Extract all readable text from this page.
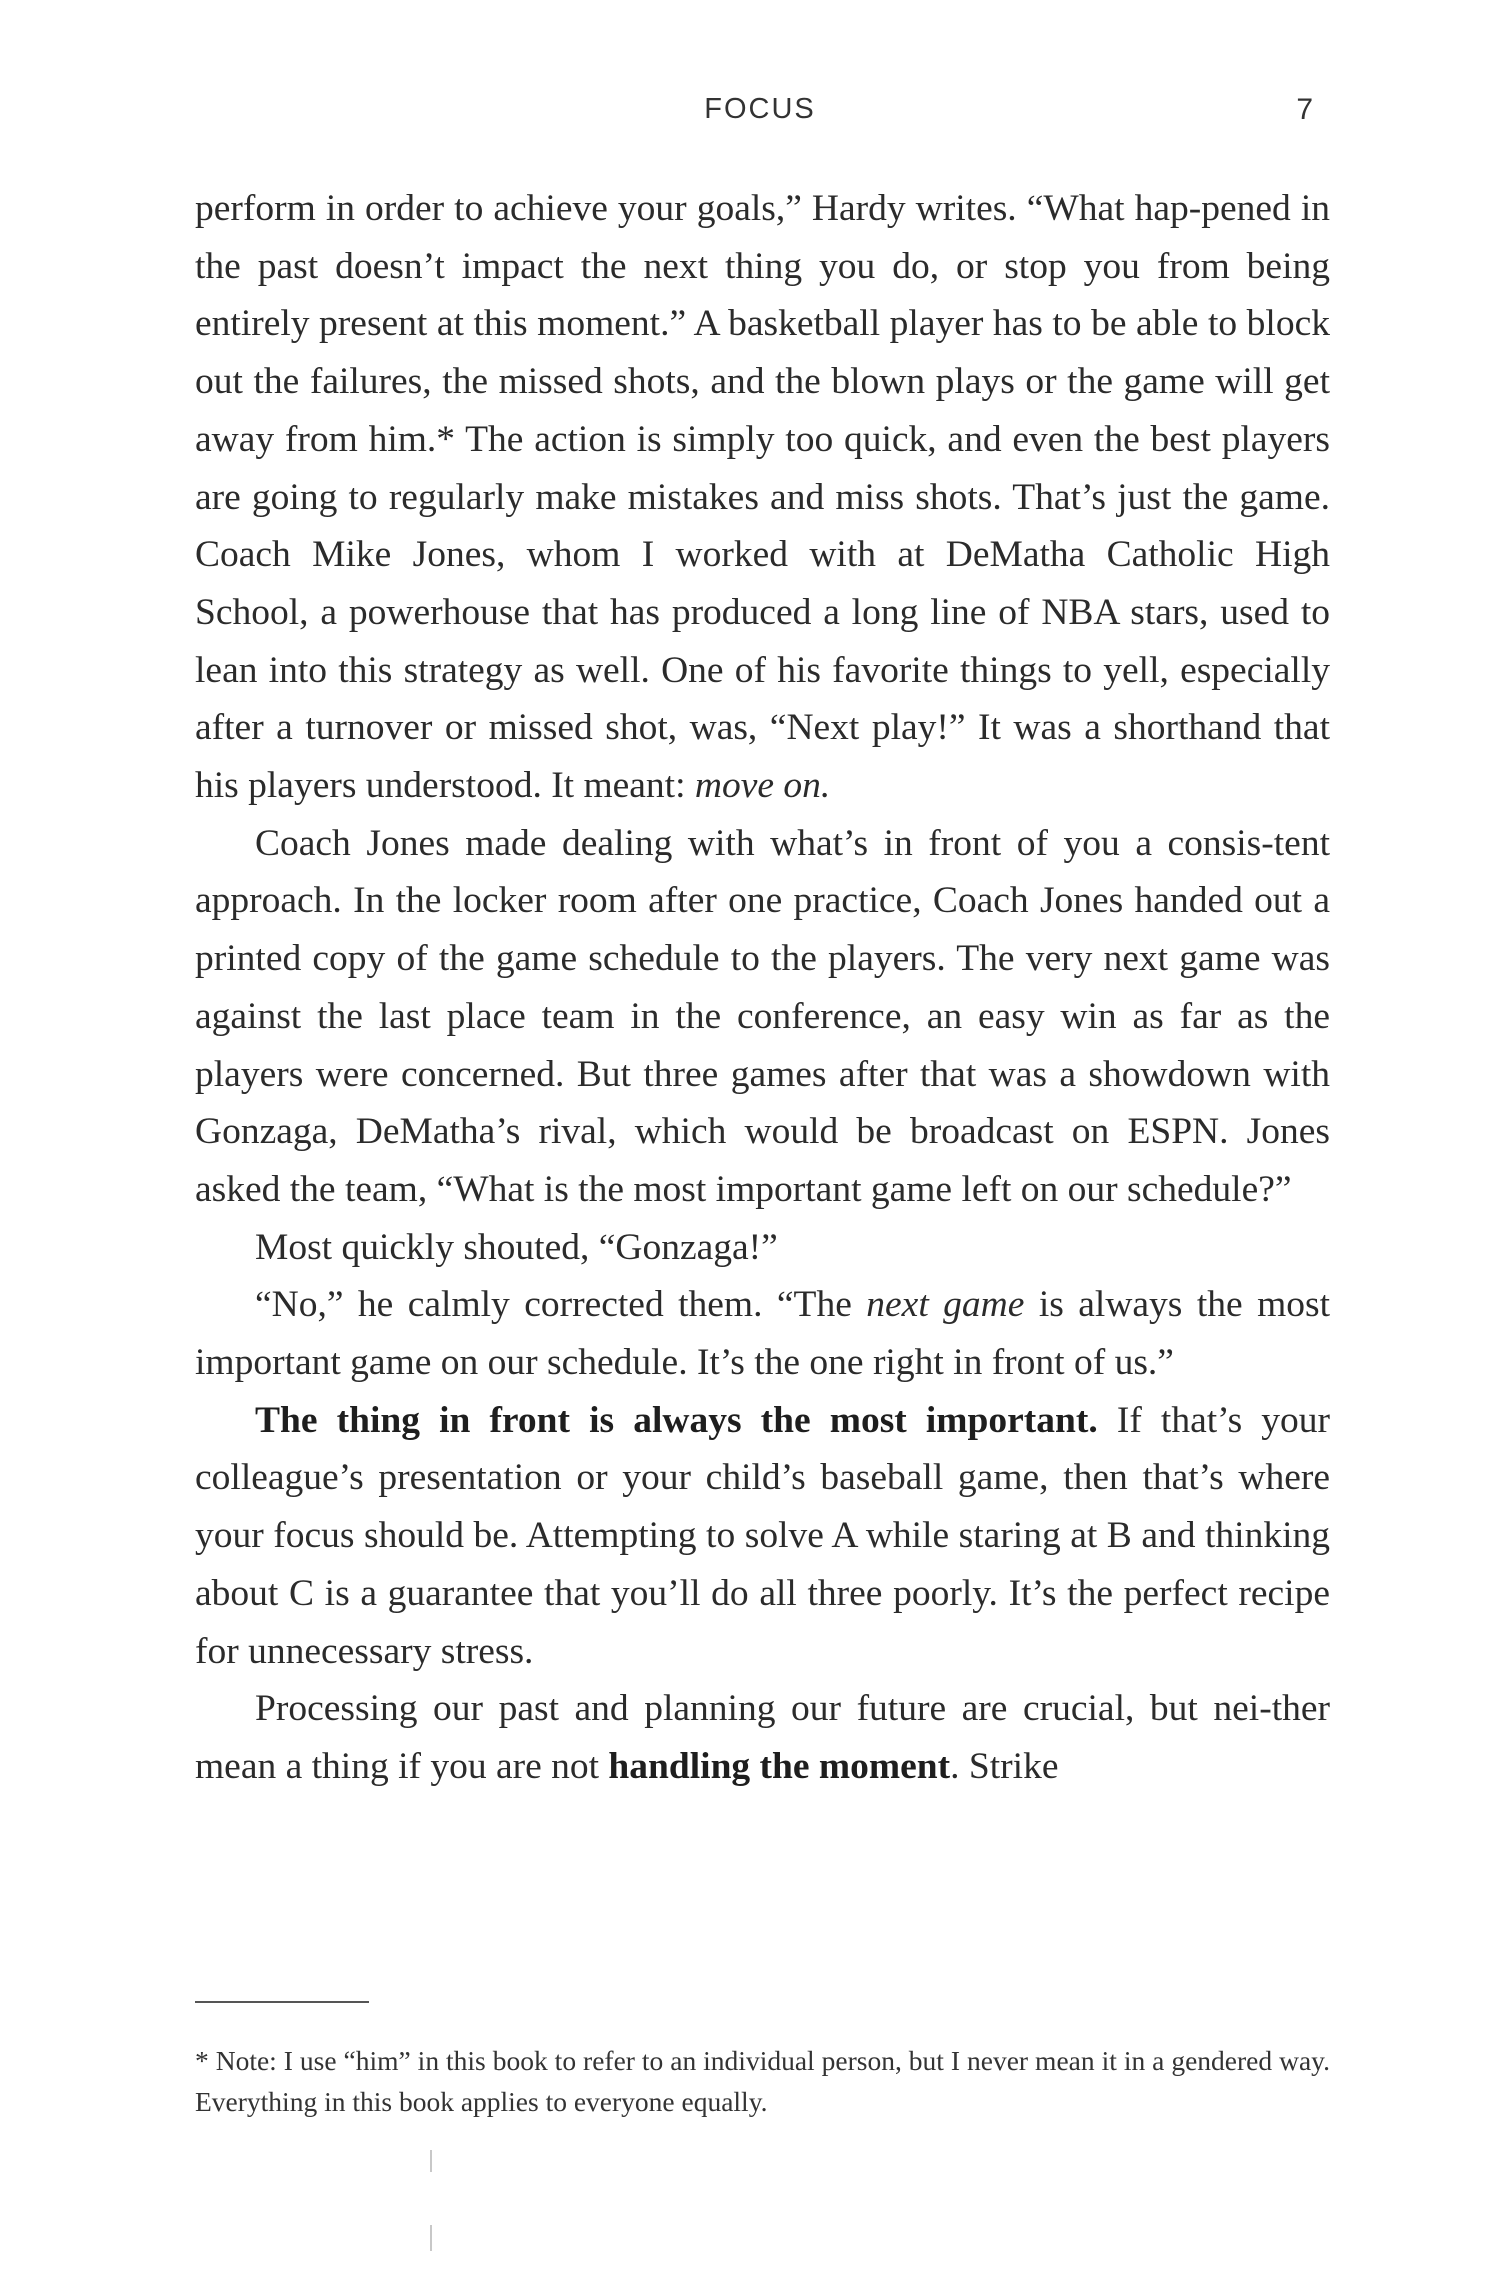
FOCUS	7

perform in order to achieve your goals,” Hardy writes. “What hap-pened in the past doesn’t impact the next thing you do, or stop you from being entirely present at this moment.” A basketball player has to be able to block out the failures, the missed shots, and the blown plays or the game will get away from him.* The action is simply too quick, and even the best players are going to regularly make mistakes and miss shots. That’s just the game. Coach Mike Jones, whom I worked with at DeMatha Catholic High School, a powerhouse that has produced a long line of NBA stars, used to lean into this strategy as well. One of his favorite things to yell, especially after a turnover or missed shot, was, “Next play!” It was a shorthand that his players understood. It meant: move on.

Coach Jones made dealing with what’s in front of you a consis-tent approach. In the locker room after one practice, Coach Jones handed out a printed copy of the game schedule to the players. The very next game was against the last place team in the conference, an easy win as far as the players were concerned. But three games after that was a showdown with Gonzaga, DeMatha’s rival, which would be broadcast on ESPN. Jones asked the team, “What is the most important game left on our schedule?”

Most quickly shouted, “Gonzaga!”

“No,” he calmly corrected them. “The next game is always the most important game on our schedule. It’s the one right in front of us.”

The thing in front is always the most important. If that’s your colleague’s presentation or your child’s baseball game, then that’s where your focus should be. Attempting to solve A while staring at B and thinking about C is a guarantee that you’ll do all three poorly. It’s the perfect recipe for unnecessary stress.

Processing our past and planning our future are crucial, but nei-ther mean a thing if you are not handling the moment. Strike

* Note: I use “him” in this book to refer to an individual person, but I never mean it in a gendered way. Everything in this book applies to everyone equally.
